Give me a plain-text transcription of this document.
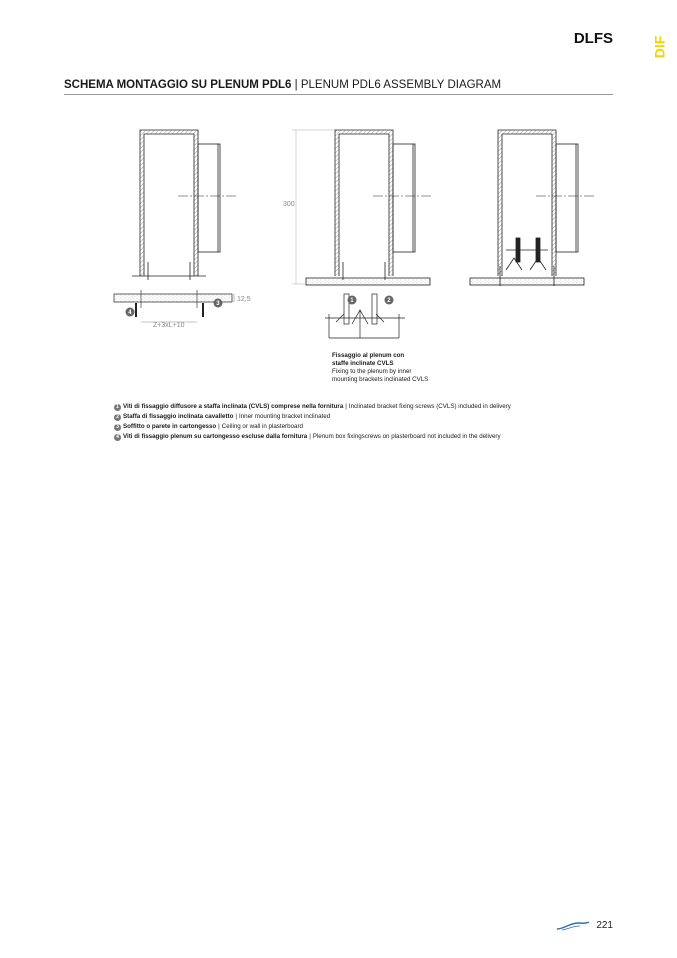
DLFS	DIF
SCHEMA MONTAGGIO SU PLENUM PDL6 | PLENUM PDL6 ASSEMBLY DIAGRAM
12,5
Z+3xL+10
4
3
300
1	2
Fissaggio al plenum con
staffe inclinate CVLS
Fixing to the plenum by inner
mounting brackets inclinated CVLS
1 Viti di fissaggio diffusore a staffa inclinata (CVLS) comprese nella fornitura | Inclinated bracket fixing screws (CVLS) included in delivery
2 Staffa di fissaggio inclinata cavalletto | Inner mounting bracket inclinated
3 Soffitto o parete in cartongesso | Ceiling or wall in plasterboard
4 Viti di fissaggio plenum su cartongesso escluse dalla fornitura | Plenum box fixingscrews on plasterboard not included in the delivery
221
